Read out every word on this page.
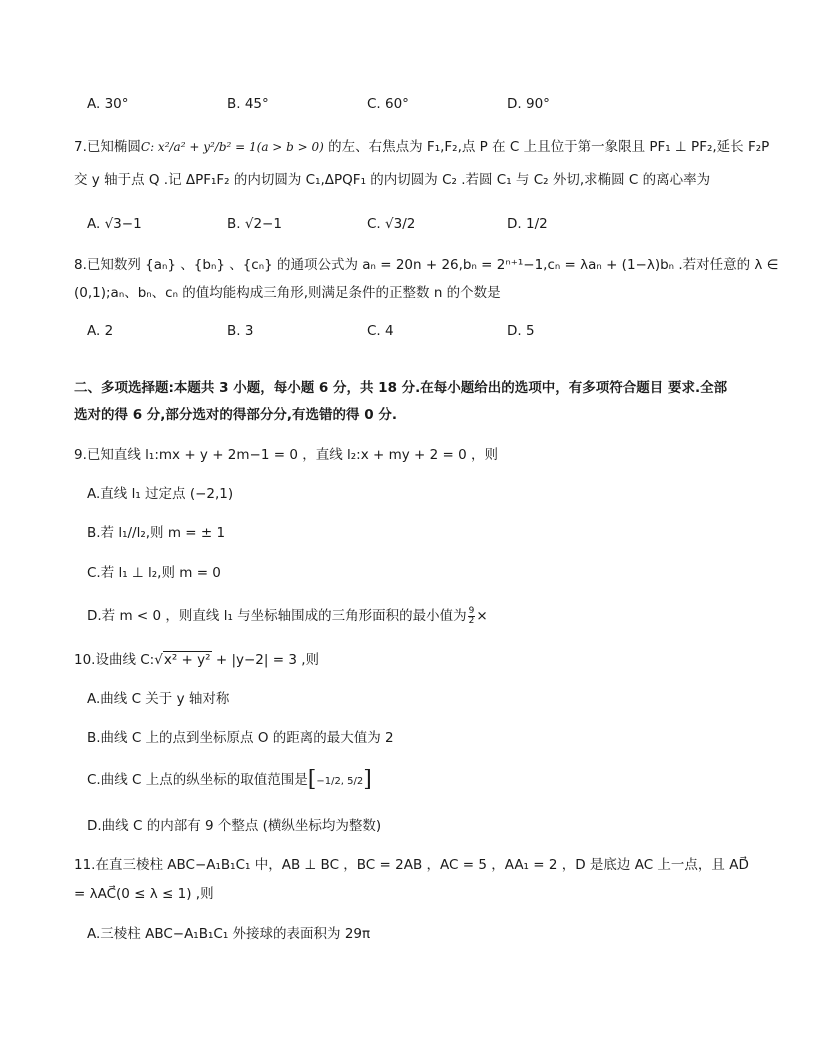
A. 30°	B. 45°	C. 60°	D. 90°
7.已知椭圆C: x²/a² + y²/b² = 1(a > b > 0) 的左、右焦点为 F₁,F₂,点 P 在 C 上且位于第一象限且 PF₁ ⊥ PF₂,延长 F₂P
交 y 轴于点 Q .记 ΔPF₁F₂ 的内切圆为 C₁,ΔPQF₁ 的内切圆为 C₂ .若圆 C₁ 与 C₂ 外切,求椭圆 C 的离心率为
A. √3−1	B. √2−1	C. √3/2	D. 1/2
8.已知数列 {aₙ} 、{bₙ} 、{cₙ} 的通项公式为 aₙ = 20n + 26,bₙ = 2ⁿ⁺¹−1,cₙ = λaₙ + (1−λ)bₙ .若对任意的 λ ∈
(0,1);aₙ、bₙ、cₙ 的值均能构成三角形,则满足条件的正整数 n 的个数是
A. 2	B. 3	C. 4	D. 5
二、多项选择题:本题共 3 小题，每小题 6 分，共 18 分.在每小题给出的选项中，有多项符合题目 要求.全部
选对的得 6 分,部分选对的得部分分,有选错的得 0 分.
9.已知直线 l₁:mx + y + 2m−1 = 0 ，直线 l₂:x + my + 2 = 0 ，则
A.直线 l₁ 过定点 (−2,1)
B.若 l₁//l₂,则 m = ± 1
C.若 l₁ ⊥ l₂,则 m = 0
D.若 m < 0 ，则直线 l₁ 与坐标轴围成的三角形面积的最小值为 $\frac{9}{2}$ ×
10.设曲线 C:√x² + y² + |y−2| = 3 ,则
A.曲线 C 关于 y 轴对称
B.曲线 C 上的点到坐标原点 O 的距离的最大值为 2
C.曲线 C 上点的纵坐标的取值范围是[−1/2, 5/2]
D.曲线 C 的内部有 9 个整点 (横纵坐标均为整数)
11.在直三棱柱 ABC−A₁B₁C₁ 中，AB ⊥ BC ，BC = 2AB ，AC = 5 ，AA₁ = 2 ，D 是底边 AC 上一点，且 AD⃗
= λAC⃗(0 ≤ λ ≤ 1) ,则
A.三棱柱 ABC−A₁B₁C₁ 外接球的表面积为 29π
